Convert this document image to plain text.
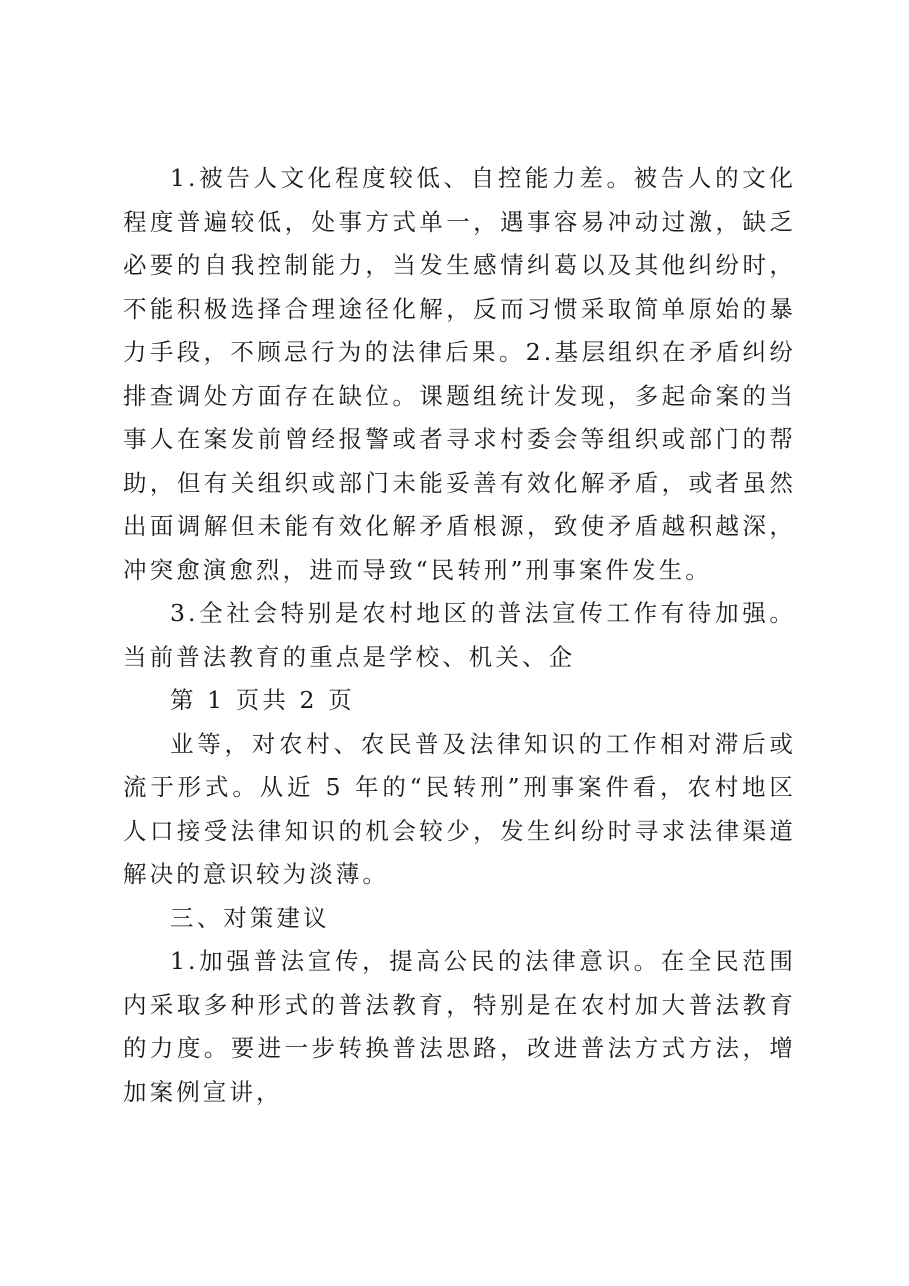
1.被告人文化程度较低、自控能力差。被告人的文化程度普遍较低，处事方式单一，遇事容易冲动过激，缺乏必要的自我控制能力，当发生感情纠葛以及其他纠纷时，不能积极选择合理途径化解，反而习惯采取简单原始的暴力手段，不顾忌行为的法律后果。2.基层组织在矛盾纠纷排查调处方面存在缺位。课题组统计发现，多起命案的当事人在案发前曾经报警或者寻求村委会等组织或部门的帮助，但有关组织或部门未能妥善有效化解矛盾，或者虽然出面调解但未能有效化解矛盾根源，致使矛盾越积越深，冲突愈演愈烈，进而导致“民转刑”刑事案件发生。

3.全社会特别是农村地区的普法宣传工作有待加强。当前普法教育的重点是学校、机关、企

第 1 页共 2 页

业等，对农村、农民普及法律知识的工作相对滞后或流于形式。从近 5 年的“民转刑”刑事案件看，农村地区人口接受法律知识的机会较少，发生纠纷时寻求法律渠道解决的意识较为淡薄。

三、对策建议

1.加强普法宣传，提高公民的法律意识。在全民范围内采取多种形式的普法教育，特别是在农村加大普法教育的力度。要进一步转换普法思路，改进普法方式方法，增加案例宣讲，
